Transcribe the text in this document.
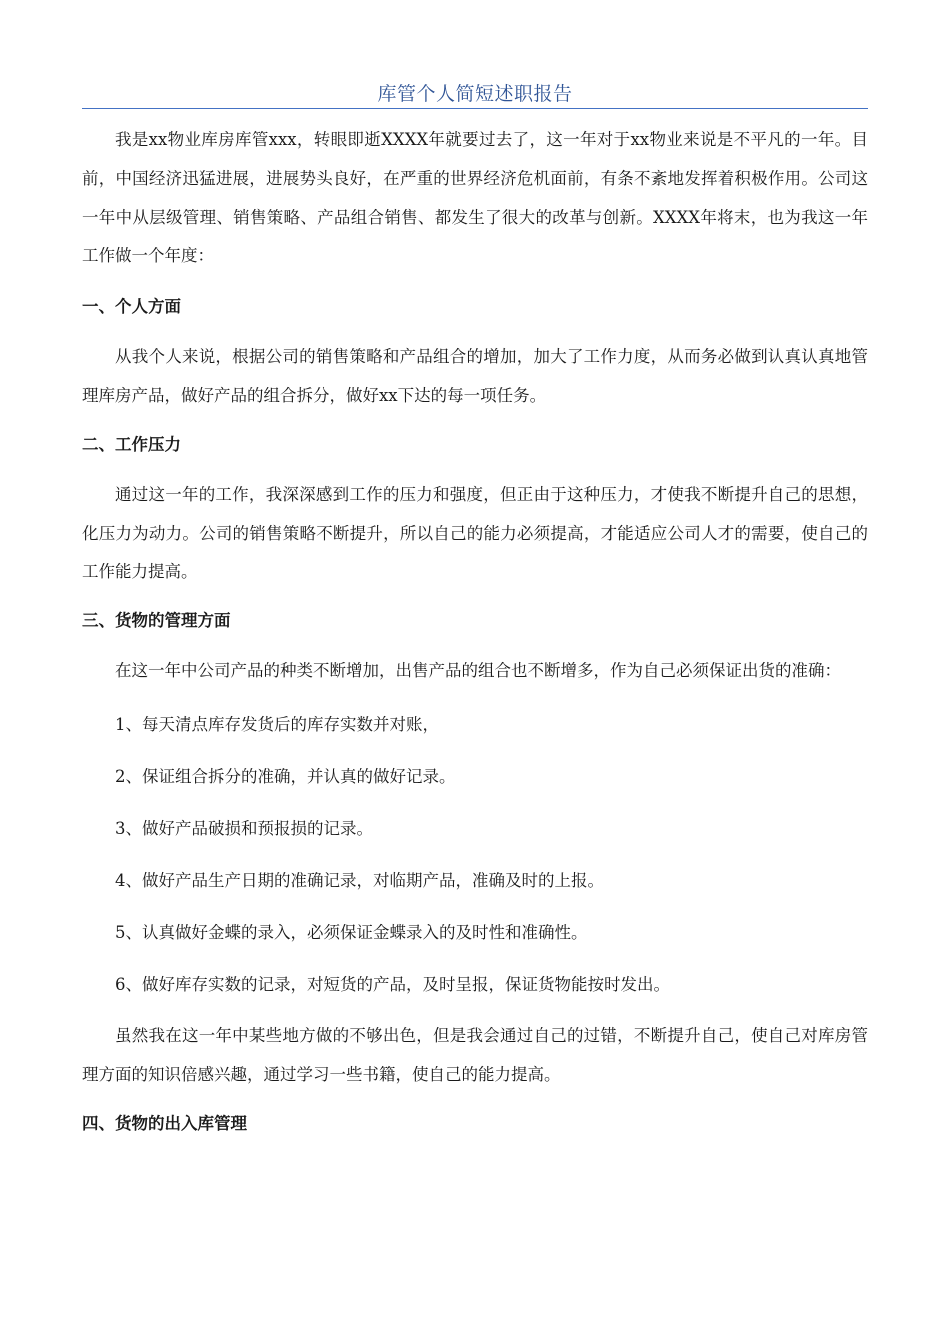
库管个人简短述职报告

我是xx物业库房库管xxx，转眼即逝XXXX年就要过去了，这一年对于xx物业来说是不平凡的一年。目前，中国经济迅猛进展，进展势头良好，在严重的世界经济危机面前，有条不紊地发挥着积极作用。公司这一年中从层级管理、销售策略、产品组合销售、都发生了很大的改革与创新。XXXX年将末，也为我这一年工作做一个年度：

一、个人方面

从我个人来说，根据公司的销售策略和产品组合的增加，加大了工作力度，从而务必做到认真认真地管理库房产品，做好产品的组合拆分，做好xx下达的每一项任务。

二、工作压力

通过这一年的工作，我深深感到工作的压力和强度，但正由于这种压力，才使我不断提升自己的思想，化压力为动力。公司的销售策略不断提升，所以自己的能力必须提高，才能适应公司人才的需要，使自己的工作能力提高。

三、货物的管理方面

在这一年中公司产品的种类不断增加，出售产品的组合也不断增多，作为自己必须保证出货的准确：

1、每天清点库存发货后的库存实数并对账，
2、保证组合拆分的准确，并认真的做好记录。
3、做好产品破损和预报损的记录。
4、做好产品生产日期的准确记录，对临期产品，准确及时的上报。
5、认真做好金蝶的录入，必须保证金蝶录入的及时性和准确性。
6、做好库存实数的记录，对短货的产品，及时呈报，保证货物能按时发出。

虽然我在这一年中某些地方做的不够出色，但是我会通过自己的过错，不断提升自己，使自己对库房管理方面的知识倍感兴趣，通过学习一些书籍，使自己的能力提高。

四、货物的出入库管理
